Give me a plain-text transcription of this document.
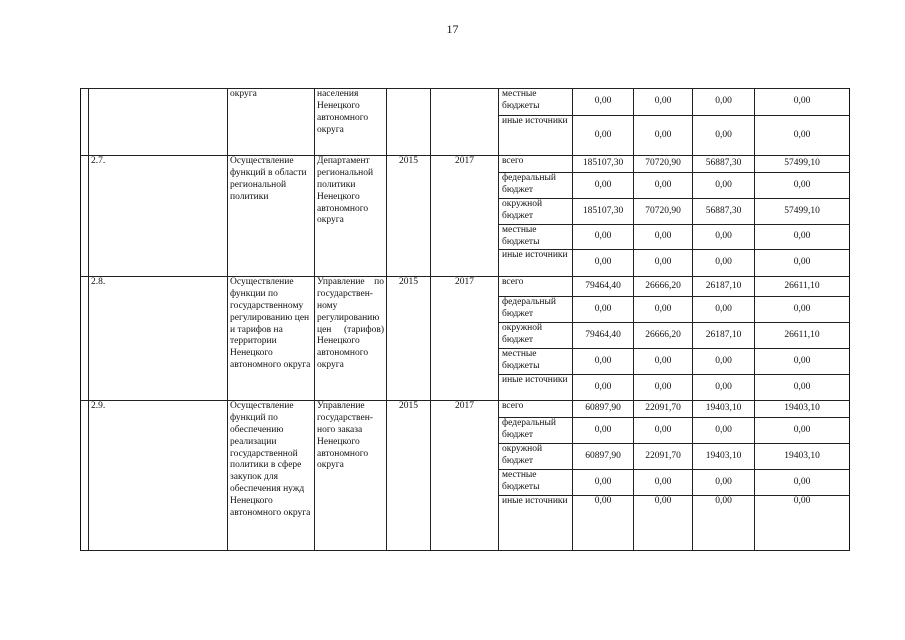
17
		округа	населения Ненецкого автономного округа			местные бюджеты	0,00	0,00	0,00	0,00	
						иные источники	0,00	0,00	0,00	0,00	
	2.7.	Осуществление функций в области региональной политики	Департамент региональной политики Ненецкого автономного округа	2015	2017	всего	185107,30	70720,90	56887,30	57499,10	
						федеральный бюджет	0,00	0,00	0,00	0,00	
						окружной бюджет	185107,30	70720,90	56887,30	57499,10	
						местные бюджеты	0,00	0,00	0,00	0,00	
						иные источники	0,00	0,00	0,00	0,00	
	2.8.	Осуществление функции по государственному регулированию цен и тарифов на территории Ненецкого автономного округа	Управление по государствен-ному регулированию цен (тарифов) Ненецкого автономного округа	2015	2017	всего	79464,40	26666,20	26187,10	26611,10	
						федеральный бюджет	0,00	0,00	0,00	0,00	
						окружной бюджет	79464,40	26666,20	26187,10	26611,10	
						местные бюджеты	0,00	0,00	0,00	0,00	
						иные источники	0,00	0,00	0,00	0,00	
	2.9.	Осуществление функций по обеспечению реализации государственной политики в сфере закупок для обеспечения нужд Ненецкого автономного округа	Управление государствен-ного заказа Ненецкого автономного округа	2015	2017	всего	60897,90	22091,70	19403,10	19403,10	
						федеральный бюджет	0,00	0,00	0,00	0,00	
						окружной бюджет	60897,90	22091,70	19403,10	19403,10	
						местные бюджеты	0,00	0,00	0,00	0,00	
						иные источники	0,00	0,00	0,00	0,00	
